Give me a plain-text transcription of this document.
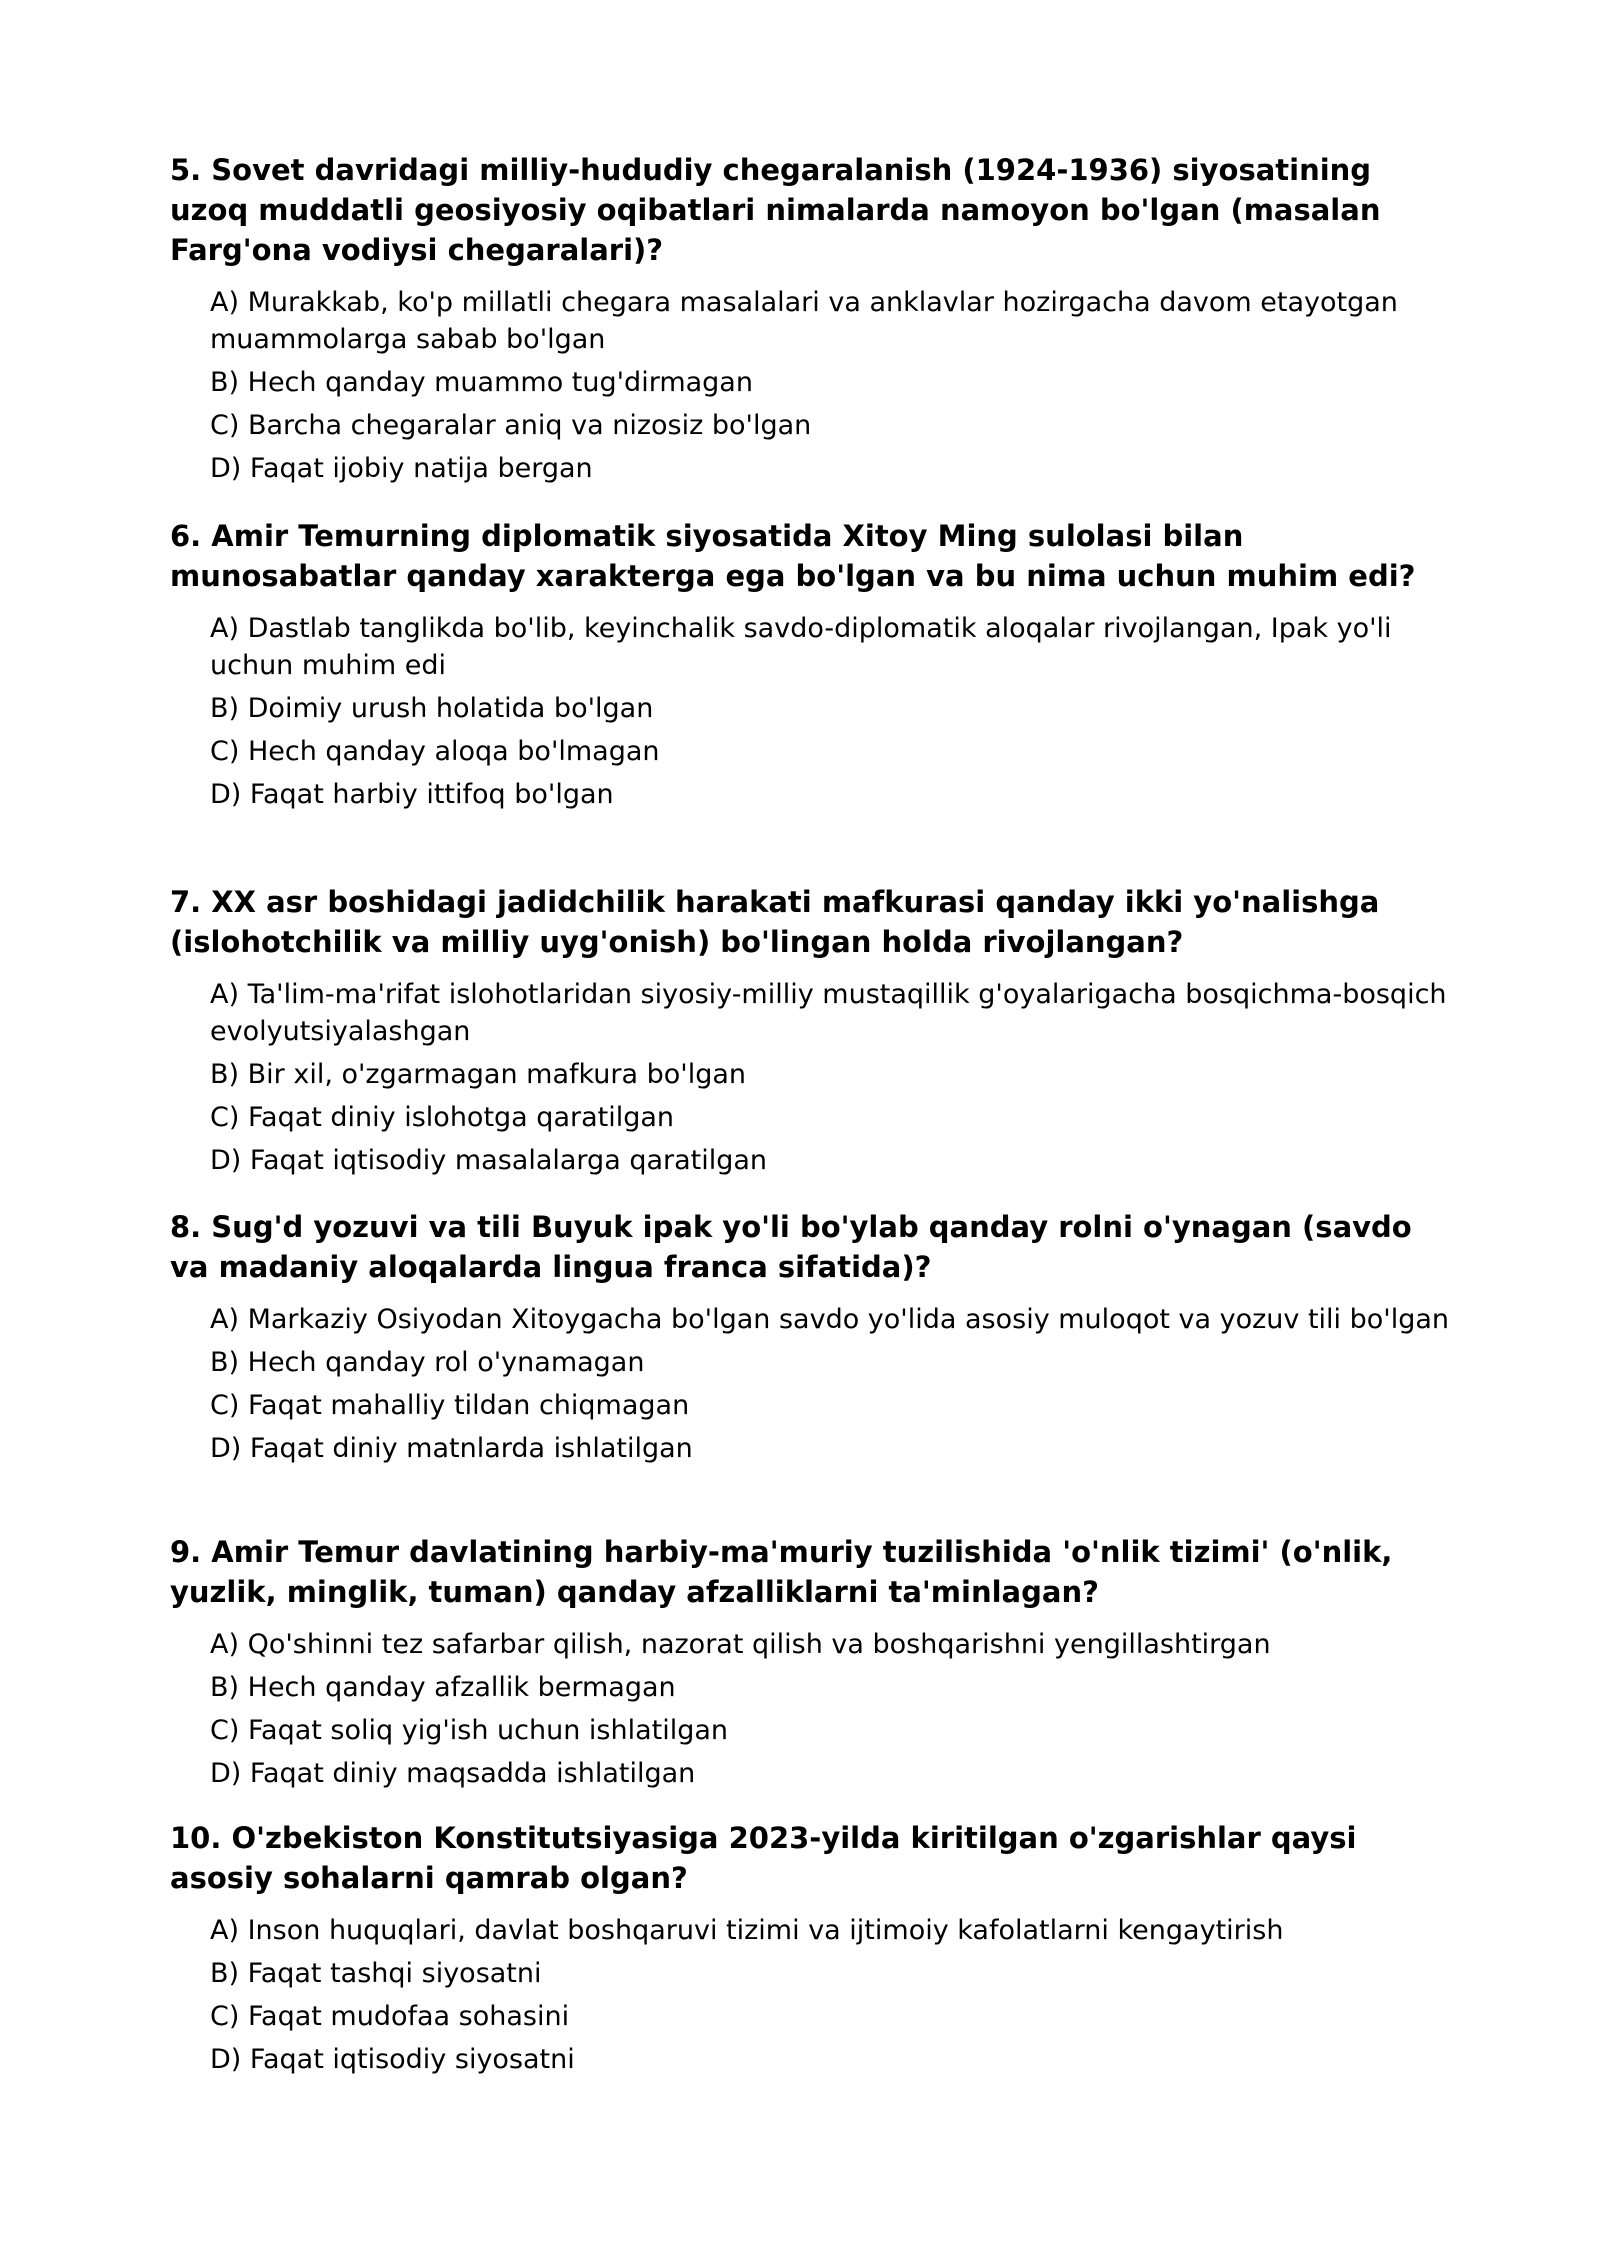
5. Sovet davridagi milliy-hududiy chegaralanish (1924-1936) siyosatining uzoq muddatli geosiyosiy oqibatlari nimalarda namoyon bo'lgan (masalan Farg'ona vodiysi chegaralari)?

A) Murakkab, ko'p millatli chegara masalalari va anklavlar hozirgacha davom etayotgan muammolarga sabab bo'lgan
B) Hech qanday muammo tug'dirmagan
C) Barcha chegaralar aniq va nizosiz bo'lgan
D) Faqat ijobiy natija bergan

6. Amir Temurning diplomatik siyosatida Xitoy Ming sulolasi bilan munosabatlar qanday xarakterga ega bo'lgan va bu nima uchun muhim edi?

A) Dastlab tanglikda bo'lib, keyinchalik savdo-diplomatik aloqalar rivojlangan, Ipak yo'li uchun muhim edi
B) Doimiy urush holatida bo'lgan
C) Hech qanday aloqa bo'lmagan
D) Faqat harbiy ittifoq bo'lgan

7. XX asr boshidagi jadidchilik harakati mafkurasi qanday ikki yo'nalishga (islohotchilik va milliy uyg'onish) bo'lingan holda rivojlangan?

A) Ta'lim-ma'rifat islohotlaridan siyosiy-milliy mustaqillik g'oyalarigacha bosqichma-bosqich evolyutsiyalashgan
B) Bir xil, o'zgarmagan mafkura bo'lgan
C) Faqat diniy islohotga qaratilgan
D) Faqat iqtisodiy masalalarga qaratilgan

8. Sug'd yozuvi va tili Buyuk ipak yo'li bo'ylab qanday rolni o'ynagan (savdo va madaniy aloqalarda lingua franca sifatida)?

A) Markaziy Osiyodan Xitoygacha bo'lgan savdo yo'lida asosiy muloqot va yozuv tili bo'lgan
B) Hech qanday rol o'ynamagan
C) Faqat mahalliy tildan chiqmagan
D) Faqat diniy matnlarda ishlatilgan

9. Amir Temur davlatining harbiy-ma'muriy tuzilishida 'o'nlik tizimi' (o'nlik, yuzlik, minglik, tuman) qanday afzalliklarni ta'minlagan?

A) Qo'shinni tez safarbar qilish, nazorat qilish va boshqarishni yengillashtirgan
B) Hech qanday afzallik bermagan
C) Faqat soliq yig'ish uchun ishlatilgan
D) Faqat diniy maqsadda ishlatilgan

10. O'zbekiston Konstitutsiyasiga 2023-yilda kiritilgan o'zgarishlar qaysi asosiy sohalarni qamrab olgan?

A) Inson huquqlari, davlat boshqaruvi tizimi va ijtimoiy kafolatlarni kengaytirish
B) Faqat tashqi siyosatni
C) Faqat mudofaa sohasini
D) Faqat iqtisodiy siyosatni
